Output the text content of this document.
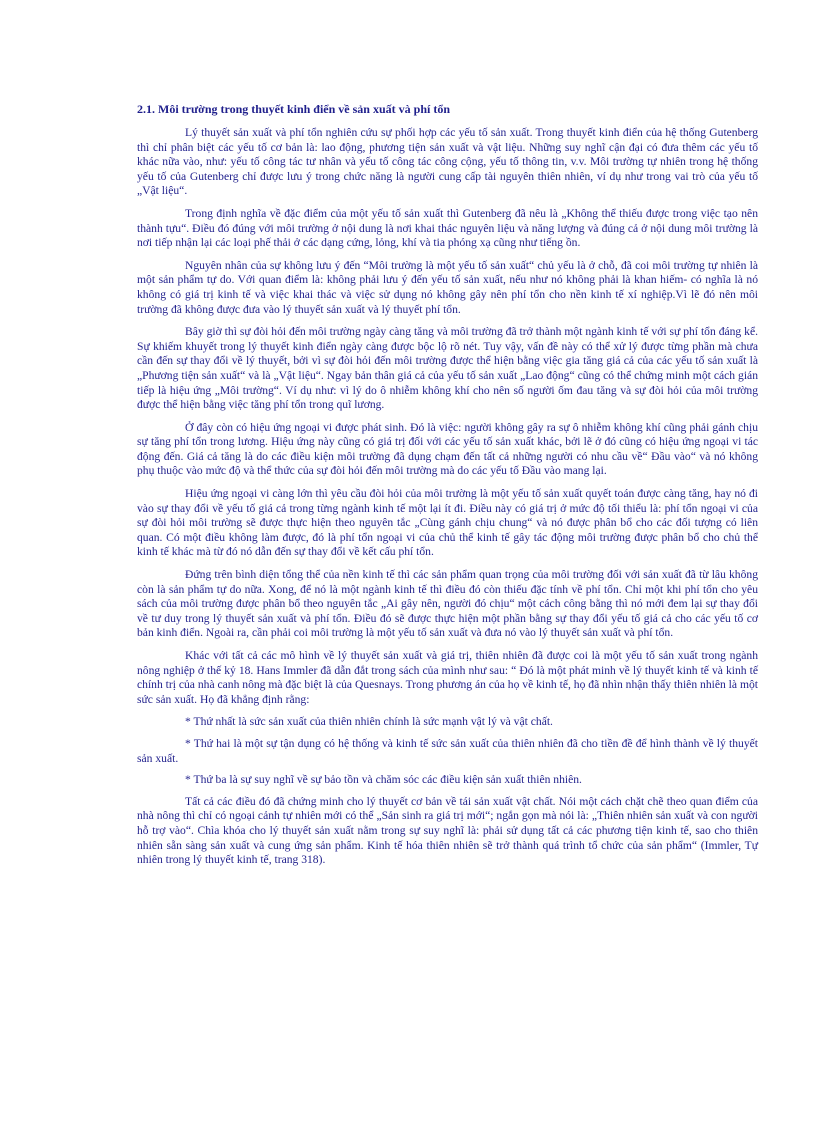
2.1. Môi trường trong thuyết kinh điển về sản xuất và phí tổn

Lý thuyết sản xuất và phí tổn nghiên cứu sự phối hợp các yếu tố sản xuất. Trong thuyết kinh điển của hệ thống Gutenberg thì chỉ phân biệt các yếu tố cơ bản là: lao động, phương tiện sản xuất và vật liệu. Những suy nghĩ cận đại có đưa thêm các yếu tố khác nữa vào, như: yếu tố công tác tư nhân và yếu tố công tác công cộng, yếu tố thông tin, v.v. Môi trường tự nhiên trong hệ thống yếu tố của Gutenberg chỉ được lưu ý trong chức năng là người cung cấp tài nguyên thiên nhiên, ví dụ như trong vai trò của yếu tố „Vật liệu“.

Trong định nghĩa về đặc điểm của một yếu tố sản xuất thì Gutenberg đã nêu là „Không thể thiếu được trong việc tạo nên thành tựu“. Điều đó đúng với môi trường ở nội dung là nơi khai thác nguyên liệu và năng lượng và đúng cả ở nội dung môi trường là nơi tiếp nhận lại các loại phế thải ở các dạng cứng, lỏng, khí và tia phóng xạ cũng như tiếng ồn.

Nguyên nhân của sự không lưu ý đến “Môi trường là một yếu tố sản xuất“ chủ yếu là ở chỗ, đã coi môi trường tự nhiên là một sản phẩm tự do. Với quan điểm là: không phải lưu ý đến yếu tố sản xuất, nếu như nó không phải là khan hiếm- có nghĩa là nó không có giá trị kinh tế và việc khai thác và việc sử dụng nó không gây nên phí tổn cho nền kinh tế xí nghiệp.Vì lẽ đó nên môi trường đã không được đưa vào lý thuyết sản xuất và lý thuyết phí tổn.

Bây giờ thì sự đòi hỏi đến môi trường ngày càng tăng và môi trường đã trở thành một ngành kinh tế với sự phí tổn đáng kể. Sự khiếm khuyết trong lý thuyết kinh điển ngày càng được bộc lộ rõ nét. Tuy vậy, vấn đề này có thể xử lý được từng phần mà chưa cần đến sự thay đổi về lý thuyết, bởi vì sự đòi hỏi đến môi trường được thể hiện bằng việc gia tăng giá cả của các yếu tố sản xuất là „Phương tiện sản xuất“ và là „Vật liệu“. Ngay bản thân giá cả của yếu tố sản xuất „Lao động“ cũng có thể chứng minh một cách gián tiếp là hiệu ứng „Môi trường“. Ví dụ như: vì lý do ô nhiễm không khí cho nên số người ốm đau tăng và sự đòi hỏi của môi trường được thể hiện bằng việc tăng phí tổn trong quĩ lương.

Ở đây còn có hiệu ứng ngoại vi được phát sinh. Đó là việc: người không gây ra sự ô nhiễm không khí cũng phải gánh chịu sự tăng phí tổn trong lương. Hiệu ứng này cũng có giá trị đối với các yếu tố sản xuất khác, bởi lẽ ở đó cũng có hiệu ứng ngoại vi tác động đến. Giá cả tăng là do các điều kiện môi trường đã dụng chạm đến tất cả những người có nhu cầu về“ Đầu vào“ và nó không phụ thuộc vào mức độ và thể thức của sự đòi hỏi đến môi trường mà do các yếu tố Đầu vào mang lại.

Hiệu ứng ngoại vi càng lớn thì yêu cầu đòi hỏi của môi trường là một yếu tố sản xuất quyết toán được càng tăng, hay nó đi vào sự thay đổi về yếu tố giá cả trong từng ngành kinh tế một lại ít đi. Điều này có giá trị ở mức độ tối thiểu là: phí tổn ngoại vi của sự đòi hỏi môi trường sẽ được thực hiện theo nguyên tắc „Cùng gánh chịu chung“ và nó được phân bổ cho các đối tượng có liên quan. Có một điều không làm được, đó là phí tổn ngoại vi của chủ thể kinh tế gây tác động môi trường được phân bổ cho chủ thể kinh tế khác mà từ đó nó dẫn đến sự thay đổi về kết cấu phí tổn.

Đứng trên bình diện tổng thể của nền kinh tế thì các sản phẩm quan trọng của môi trường đối với sản xuất đã từ lâu không còn là sản phẩm tự do nữa. Xong, để nó là một ngành kinh tế thì điều đó còn thiếu đặc tính về phí tổn. Chỉ một khi phí tổn cho yêu sách của môi trường được phân bổ theo nguyên tắc „Ai gây nên, người đó chịu“ một cách công bằng thì nó mới đem lại sự thay đổi về tư duy trong lý thuyết sản xuất và phí tổn. Điều đó sẽ được thực hiện một phần bằng sự thay đổi yếu tố giá cả cho các yếu tố cơ bản kinh điển. Ngoài ra, cần phải coi môi trường là một yếu tố sản xuất và đưa nó vào lý thuyết sản xuất và phí tổn.

Khác với tất cả các mô hình về lý thuyết sản xuất và giá trị, thiên nhiên đã được coi là một yếu tố sản xuất trong ngành nông nghiệp ở thế kỷ 18. Hans Immler đã dẫn đắt trong sách của mình như sau: “ Đó là một phát minh về lý thuyết kinh tế và kinh tế chính trị của nhà canh nông mà đặc biệt là của Quesnays. Trong phương án của họ về kinh tế, họ đã nhìn nhận thấy thiên nhiên là một sức sản xuất. Họ đã khẳng định rằng:

* Thứ nhất là sức sản xuất của thiên nhiên chính là sức mạnh vật lý và vật chất.

* Thứ hai là một sự tận dụng có hệ thống và kinh tế sức sản xuất của thiên nhiên đã cho tiền đề để hình thành về lý thuyết sản xuất.

* Thứ ba là sự suy nghĩ về sự bảo tồn và chăm sóc các điều kiện sản xuất thiên nhiên.

Tất cả các điều đó đã chứng minh cho lý thuyết cơ bản về tái sản xuất vật chất. Nói một cách chặt chẽ theo quan điểm của nhà nông thì chỉ có ngoại cảnh tự nhiên mới có thể „Sản sinh ra giá trị mới“; ngắn gọn mà nói là: „Thiên nhiên sản xuất và con người hỗ trợ vào“. Chìa khóa cho lý thuyết sản xuất nằm trong sự suy nghĩ là: phải sử dụng tất cả các phương tiện kinh tế, sao cho thiên nhiên sẵn sàng sản xuất và cung ứng sản phẩm. Kinh tế hóa thiên nhiên sẽ trở thành quá trình tổ chức của sản phẩm“ (Immler, Tự nhiên trong lý thuyết kinh tế, trang 318).
